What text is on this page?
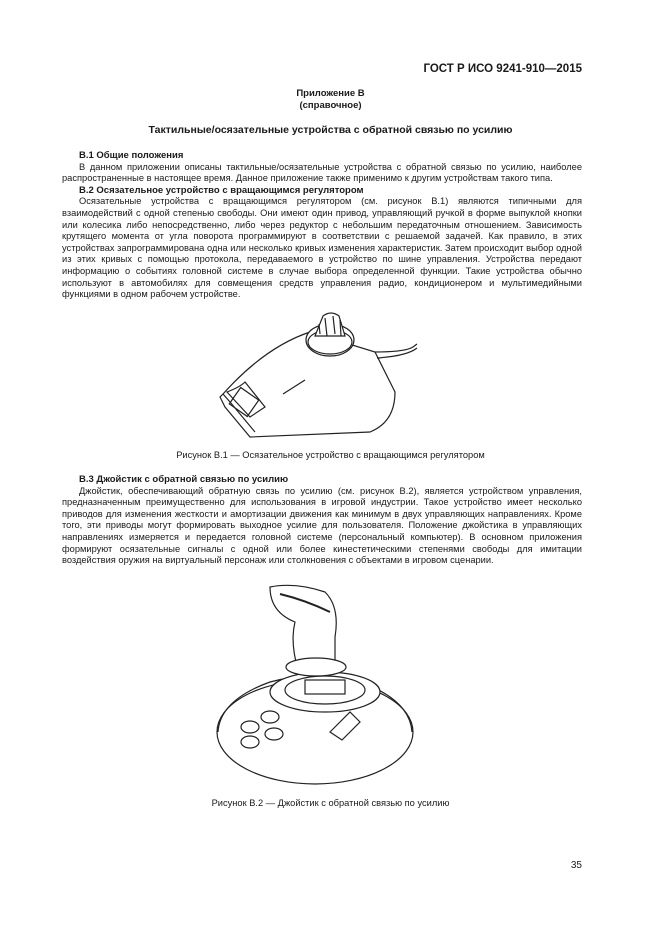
ГОСТ Р ИСО 9241-910—2015
Приложение В
(справочное)
Тактильные/осязательные устройства с обратной связью по усилию
В.1 Общие положения

В данном приложении описаны тактильные/осязательные устройства с обратной связью по усилию, наиболее распространенные в настоящее время. Данное приложение также применимо к другим устройствам такого типа.

В.2 Осязательное устройство с вращающимся регулятором

Осязательные устройства с вращающимся регулятором (см. рисунок В.1) являются типичными для взаимодействий с одной степенью свободы. Они имеют один привод, управляющий ручкой в форме выпуклой кнопки или колесика либо непосредственно, либо через редуктор с небольшим передаточным отношением. Зависимость крутящего момента от угла поворота программируют в соответствии с решаемой задачей. Как правило, в этих устройствах запрограммирована одна или несколько кривых изменения характеристик. Затем происходит выбор одной из этих кривых с помощью протокола, передаваемого в устройство по шине управления. Устройства передают информацию о событиях головной системе в случае выбора определенной функции. Такие устройства обычно используют в автомобилях для совмещения средств управления радио, кондиционером и мультимедийными функциями в одном рабочем устройстве.

Рисунок В.1 — Осязательное устройство с вращающимся регулятором
В.3 Джойстик с обратной связью по усилию

Джойстик, обеспечивающий обратную связь по усилию (см. рисунок В.2), является устройством управления, предназначенным преимущественно для использования в игровой индустрии. Такое устройство имеет несколько приводов для изменения жесткости и амортизации движения как минимум в двух управляющих направлениях. Кроме того, эти приводы могут формировать выходное усилие для пользователя. Положение джойстика в управляющих направлениях измеряется и передается головной системе (персональный компьютер). В основном приложения формируют осязательные сигналы с одной или более кинестетическими степенями свободы для имитации воздействия оружия на виртуальный персонаж или столкновения с объектами в игровом сценарии.

Рисунок В.2 — Джойстик с обратной связью по усилию
35
